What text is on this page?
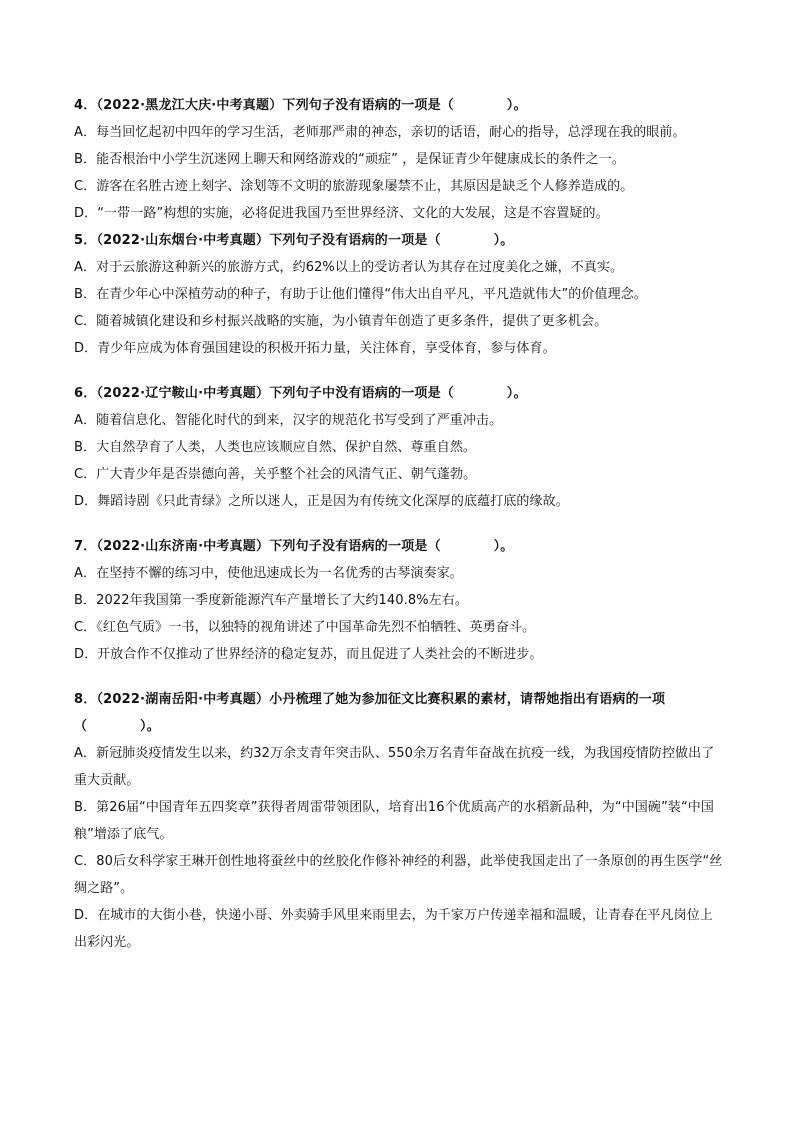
4．（2022·黑龙江大庆·中考真题）下列句子没有语病的一项是（　　　　）。
A．每当回忆起初中四年的学习生活，老师那严肃的神态，亲切的话语，耐心的指导，总浮现在我的眼前。
B．能否根治中小学生沉迷网上聊天和网络游戏的“顽症” ，是保证青少年健康成长的条件之一。
C．游客在名胜古迹上刻字、涂划等不文明的旅游现象屡禁不止，其原因是缺乏个人修养造成的。
D．“一带一路”构想的实施，必将促进我国乃至世界经济、文化的大发展，这是不容置疑的。
5．（2022·山东烟台·中考真题）下列句子没有语病的一项是（　　　　）。
A．对于云旅游这种新兴的旅游方式，约62%以上的受访者认为其存在过度美化之嫌，不真实。
B．在青少年心中深植劳动的种子，有助于让他们懂得“伟大出自平凡，平凡造就伟大”的价值理念。
C．随着城镇化建设和乡村振兴战略的实施，为小镇青年创造了更多条件，提供了更多机会。
D．青少年应成为体育强国建设的积极开拓力量，关注体育，享受体育，参与体育。
6．（2022·辽宁鞍山·中考真题）下列句子中没有语病的一项是（　　　　）。
A．随着信息化、智能化时代的到来，汉字的规范化书写受到了严重冲击。
B．大自然孕育了人类，人类也应该顺应自然、保护自然、尊重自然。
C．广大青少年是否崇德向善，关乎整个社会的风清气正、朝气蓬勃。
D．舞蹈诗剧《只此青绿》之所以迷人，正是因为有传统文化深厚的底蕴打底的缘故。
7．（2022·山东济南·中考真题）下列句子没有语病的一项是（　　　　）。
A．在坚持不懈的练习中，使他迅速成长为一名优秀的古琴演奏家。
B．2022年我国第一季度新能源汽车产量增长了大约140.8%左右。
C．《红色气质》一书，以独特的视角讲述了中国革命先烈不怕牺牲、英勇奋斗。
D．开放合作不仅推动了世界经济的稳定复苏，而且促进了人类社会的不断进步。
8．（2022·湖南岳阳·中考真题）小丹梳理了她为参加征文比赛积累的素材，请帮她指出有语病的一项
（　　　　）。
A．新冠肺炎疫情发生以来，约32万余支青年突击队、550余万名青年奋战在抗疫一线，为我国疫情防控做出了重大贡献。
B．第26届“中国青年五四奖章”获得者周雷带领团队，培育出16个优质高产的水稻新品种，为“中国碗”装“中国粮”增添了底气。
C．80后女科学家王琳开创性地将蚕丝中的丝胶化作修补神经的利器，此举使我国走出了一条原创的再生医学“丝绸之路”。
D．在城市的大街小巷，快递小哥、外卖骑手风里来雨里去，为千家万户传递幸福和温暖，让青春在平凡岗位上出彩闪光。
